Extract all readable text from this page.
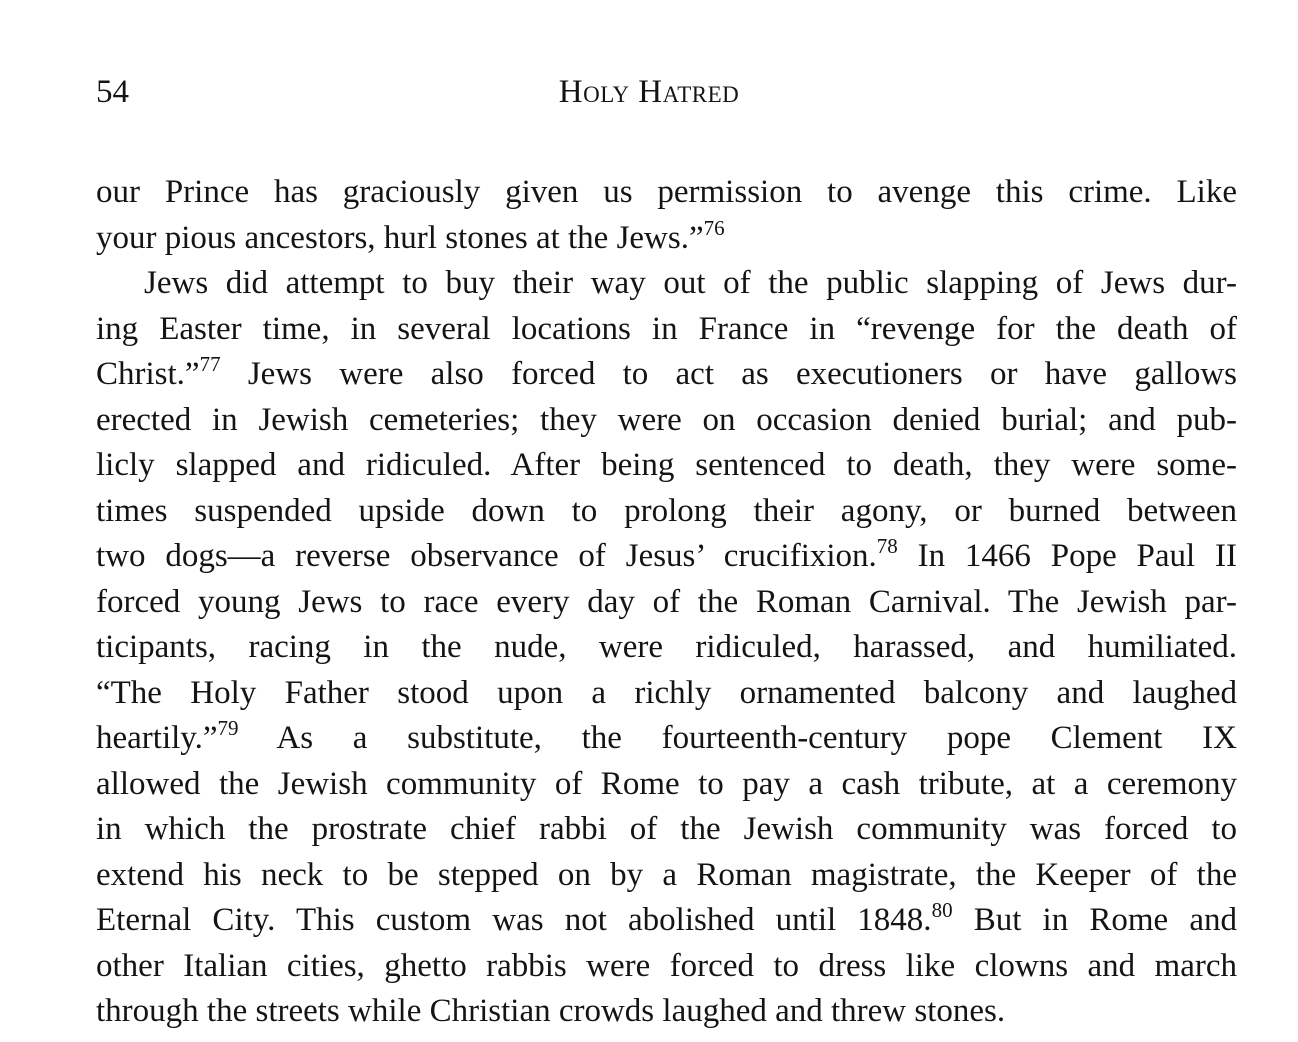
54	Holy Hatred
our Prince has graciously given us permission to avenge this crime. Like
your pious ancestors, hurl stones at the Jews.”$^{76}$
Jews did attempt to buy their way out of the public slapping of Jews dur-
ing Easter time, in several locations in France in “revenge for the death of
Christ.”$^{77}$ Jews were also forced to act as executioners or have gallows
erected in Jewish cemeteries; they were on occasion denied burial; and pub-
licly slapped and ridiculed. After being sentenced to death, they were some-
times suspended upside down to prolong their agony, or burned between
two dogs—a reverse observance of Jesus’ crucifixion.$^{78}$ In 1466 Pope Paul II
forced young Jews to race every day of the Roman Carnival. The Jewish par-
ticipants, racing in the nude, were ridiculed, harassed, and humiliated.
“The Holy Father stood upon a richly ornamented balcony and laughed
heartily.”$^{79}$ As a substitute, the fourteenth-century pope Clement IX
allowed the Jewish community of Rome to pay a cash tribute, at a ceremony
in which the prostrate chief rabbi of the Jewish community was forced to
extend his neck to be stepped on by a Roman magistrate, the Keeper of the
Eternal City. This custom was not abolished until 1848.80 But in Rome and
other Italian cities, ghetto rabbis were forced to dress like clowns and march
through the streets while Christian crowds laughed and threw stones.
